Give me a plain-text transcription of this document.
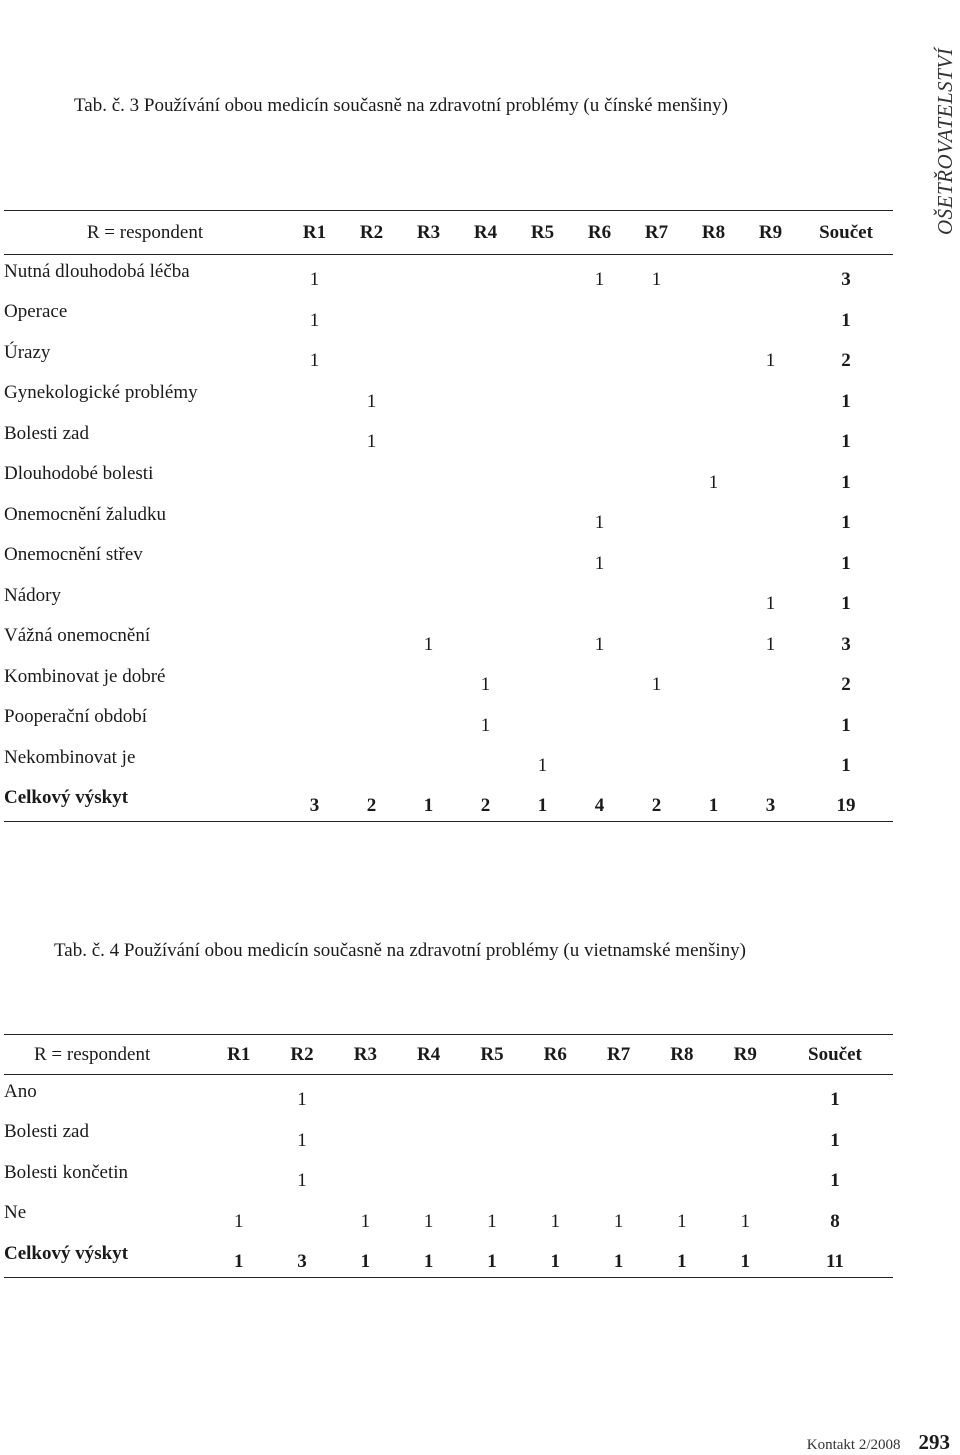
OŠETŘOVATELSTVÍ

Tab. č. 3 Používání obou medicín současně na zdravotní problémy (u čínské menšiny)

R = respondent	R1	R2	R3	R4	R5	R6	R7	R8	R9	Součet
Nutná dlouhodobá léčba	1					1	1			3
Operace	1									1
Úrazy	1								1	2
Gynekologické problémy		1								1
Bolesti zad		1								1
Dlouhodobé bolesti								1		1
Onemocnění žaludku						1				1
Onemocnění střev						1				1
Nádory									1	1
Vážná onemocnění			1			1			1	3
Kombinovat je dobré				1			1			2
Pooperační období				1						1
Nekombinovat je					1					1
Celkový výskyt	3	2	1	2	1	4	2	1	3	19

Tab. č. 4 Používání obou medicín současně na zdravotní problémy (u vietnamské menšiny)

R = respondent	R1	R2	R3	R4	R5	R6	R7	R8	R9	Součet
Ano		1								1
Bolesti zad		1								1
Bolesti končetin		1								1
Ne	1		1	1	1	1	1	1	1	8
Celkový výskyt	1	3	1	1	1	1	1	1	1	11
Kontakt 2/2008 293
